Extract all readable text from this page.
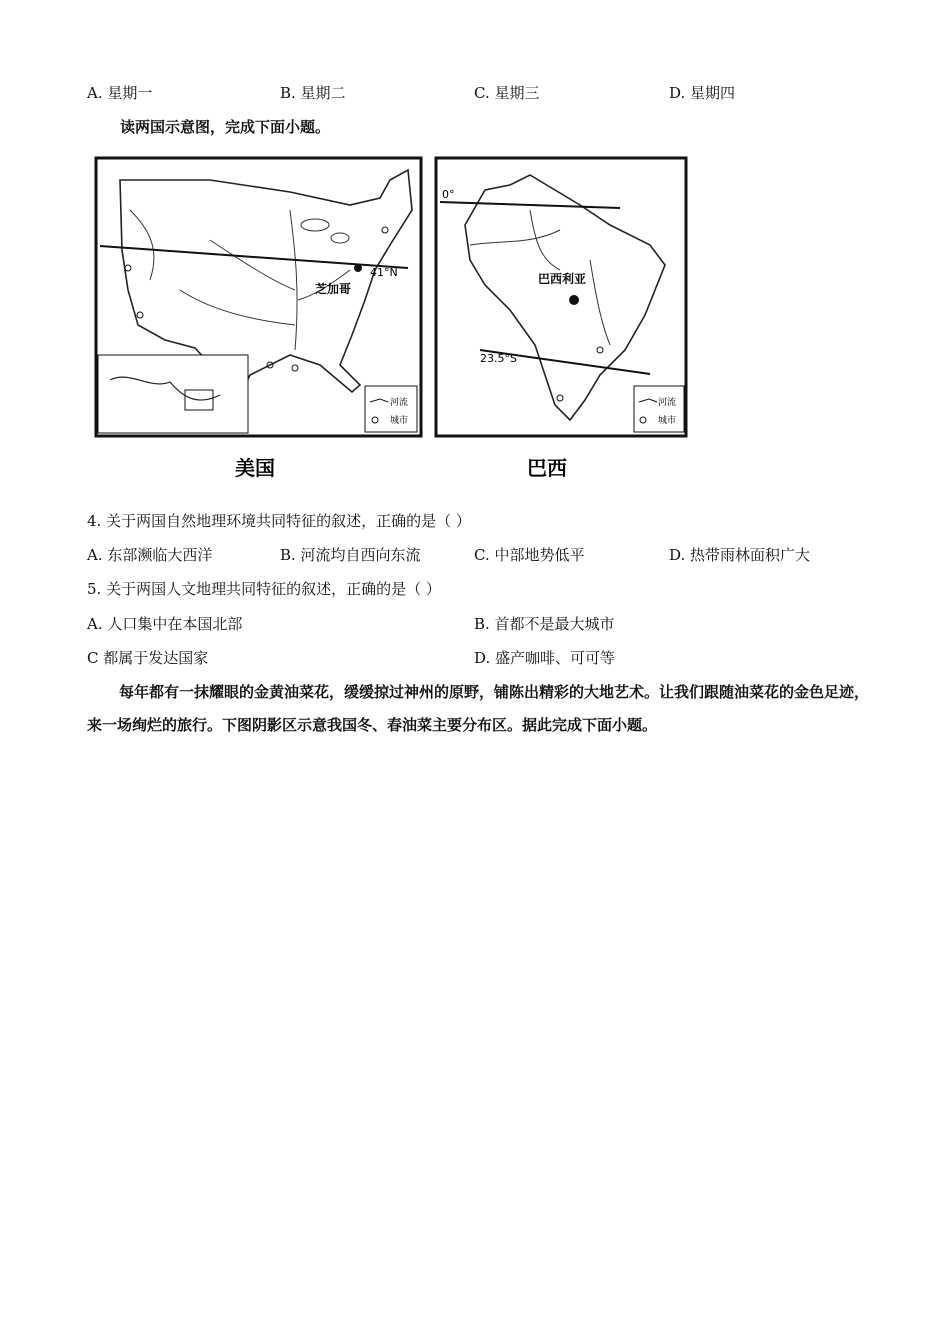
A. 星期一	B. 星期二	C. 星期三	D. 星期四
读两国示意图，完成下面小题。
41°N
芝加哥
河流
城市
美国
0°
23.5°S
巴西利亚
河流
城市
巴西
4. 关于两国自然地理环境共同特征的叙述，正确的是（ ）
A. 东部濒临大西洋	B. 河流均自西向东流	C. 中部地势低平	D. 热带雨林面积广大
5. 关于两国人文地理共同特征的叙述，正确的是（ ）
A. 人口集中在本国北部	B. 首都不是最大城市
C 都属于发达国家	D. 盛产咖啡、可可等
每年都有一抹耀眼的金黄油菜花，缓缓掠过神州的原野，铺陈出精彩的大地艺术。让我们跟随油菜花的金色足迹，来一场绚烂的旅行。下图阴影区示意我国冬、春油菜主要分布区。据此完成下面小题。
